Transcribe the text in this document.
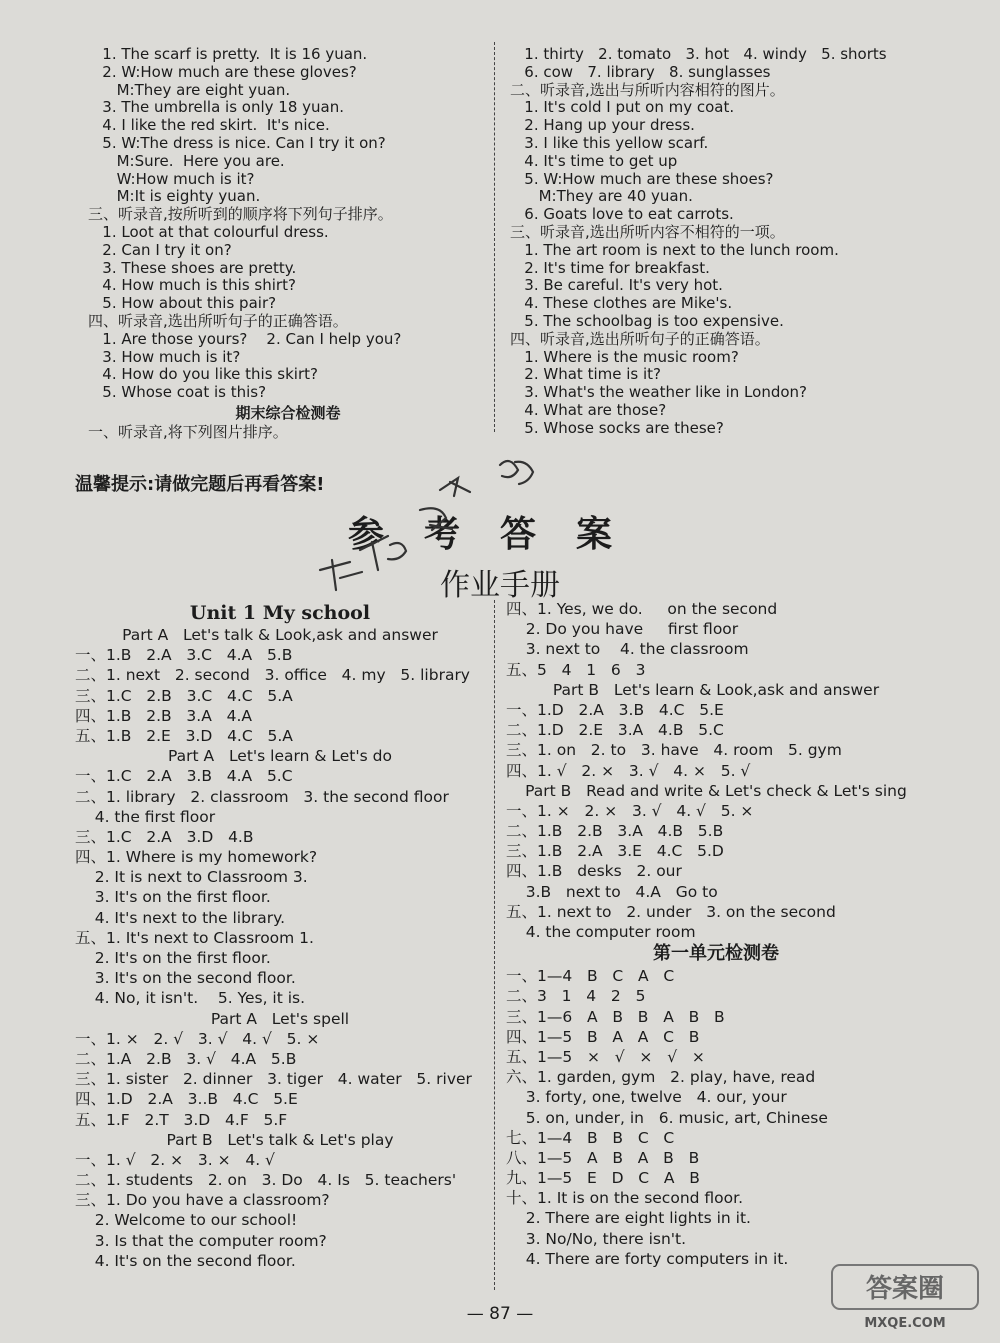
1. The scarf is pretty.  It is 16 yuan.
2. W:How much are these gloves?
M:They are eight yuan.
3. The umbrella is only 18 yuan.
4. I like the red skirt.  It's nice.
5. W:The dress is nice. Can I try it on?
M:Sure.  Here you are.
W:How much is it?
M:It is eighty yuan.
三、听录音,按所听到的顺序将下列句子排序。
1. Loot at that colourful dress.
2. Can I try it on?
3. These shoes are pretty.
4. How much is this shirt?
5. How about this pair?
四、听录音,选出所听句子的正确答语。
1. Are those yours?    2. Can I help you?
3. How much is it?
4. How do you like this skirt?
5. Whose coat is this?
期末综合检测卷
一、听录音,将下列图片排序。
1. thirty   2. tomato   3. hot   4. windy   5. shorts
6. cow   7. library   8. sunglasses
二、听录音,选出与所听内容相符的图片。
1. It's cold I put on my coat.
2. Hang up your dress.
3. I like this yellow scarf.
4. It's time to get up
5. W:How much are these shoes?
M:They are 40 yuan.
6. Goats love to eat carrots.
三、听录音,选出所听内容不相符的一项。
1. The art room is next to the lunch room.
2. It's time for breakfast.
3. Be careful. It's very hot.
4. These clothes are Mike's.
5. The schoolbag is too expensive.
四、听录音,选出所听句子的正确答语。
1. Where is the music room?
2. What time is it?
3. What's the weather like in London?
4. What are those?
5. Whose socks are these?
温馨提示:请做完题后再看答案!
参考答案
作业手册
Unit 1 My school
Part A   Let's talk & Look,ask and answer
一、1.B   2.A   3.C   4.A   5.B
二、1. next   2. second   3. office   4. my   5. library
三、1.C   2.B   3.C   4.C   5.A
四、1.B   2.B   3.A   4.A
五、1.B   2.E   3.D   4.C   5.A
Part A   Let's learn & Let's do
一、1.C   2.A   3.B   4.A   5.C
二、1. library   2. classroom   3. the second floor
4. the first floor
三、1.C   2.A   3.D   4.B
四、1. Where is my homework?
2. It is next to Classroom 3.
3. It's on the first floor.
4. It's next to the library.
五、1. It's next to Classroom 1.
2. It's on the first floor.
3. It's on the second floor.
4. No, it isn't.    5. Yes, it is.
Part A   Let's spell
一、1. ×   2. √   3. √   4. √   5. ×
二、1.A   2.B   3. √   4.A   5.B
三、1. sister   2. dinner   3. tiger   4. water   5. river
四、1.D   2.A   3..B   4.C   5.E
五、1.F   2.T   3.D   4.F   5.F
Part B   Let's talk & Let's play
一、1. √   2. ×   3. ×   4. √
二、1. students   2. on   3. Do   4. Is   5. teachers'
三、1. Do you have a classroom?
2. Welcome to our school!
3. Is that the computer room?
4. It's on the second floor.
四、1. Yes, we do.     on the second
2. Do you have     first floor
3. next to    4. the classroom
五、5   4   1   6   3
Part B   Let's learn & Look,ask and answer
一、1.D   2.A   3.B   4.C   5.E
二、1.D   2.E   3.A   4.B   5.C
三、1. on   2. to   3. have   4. room   5. gym
四、1. √   2. ×   3. √   4. ×   5. √
Part B   Read and write & Let's check & Let's sing
一、1. ×   2. ×   3. √   4. √   5. ×
二、1.B   2.B   3.A   4.B   5.B
三、1.B   2.A   3.E   4.C   5.D
四、1.B   desks   2. our
3.B   next to   4.A   Go to
五、1. next to   2. under   3. on the second
4. the computer room
第一单元检测卷
一、1—4   B   C   A   C
二、3   1   4   2   5
三、1—6   A   B   B   A   B   B
四、1—5   B   A   A   C   B
五、1—5   ×   √   ×   √   ×
六、1. garden, gym   2. play, have, read
3. forty, one, twelve   4. our, your
5. on, under, in   6. music, art, Chinese
七、1—4   B   B   C   C
八、1—5   A   B   A   B   B
九、1—5   E   D   C   A   B
十、1. It is on the second floor.
2. There are eight lights in it.
3. No/No, there isn't.
4. There are forty computers in it.
— 87 —
答案圈
MXQE.COM
